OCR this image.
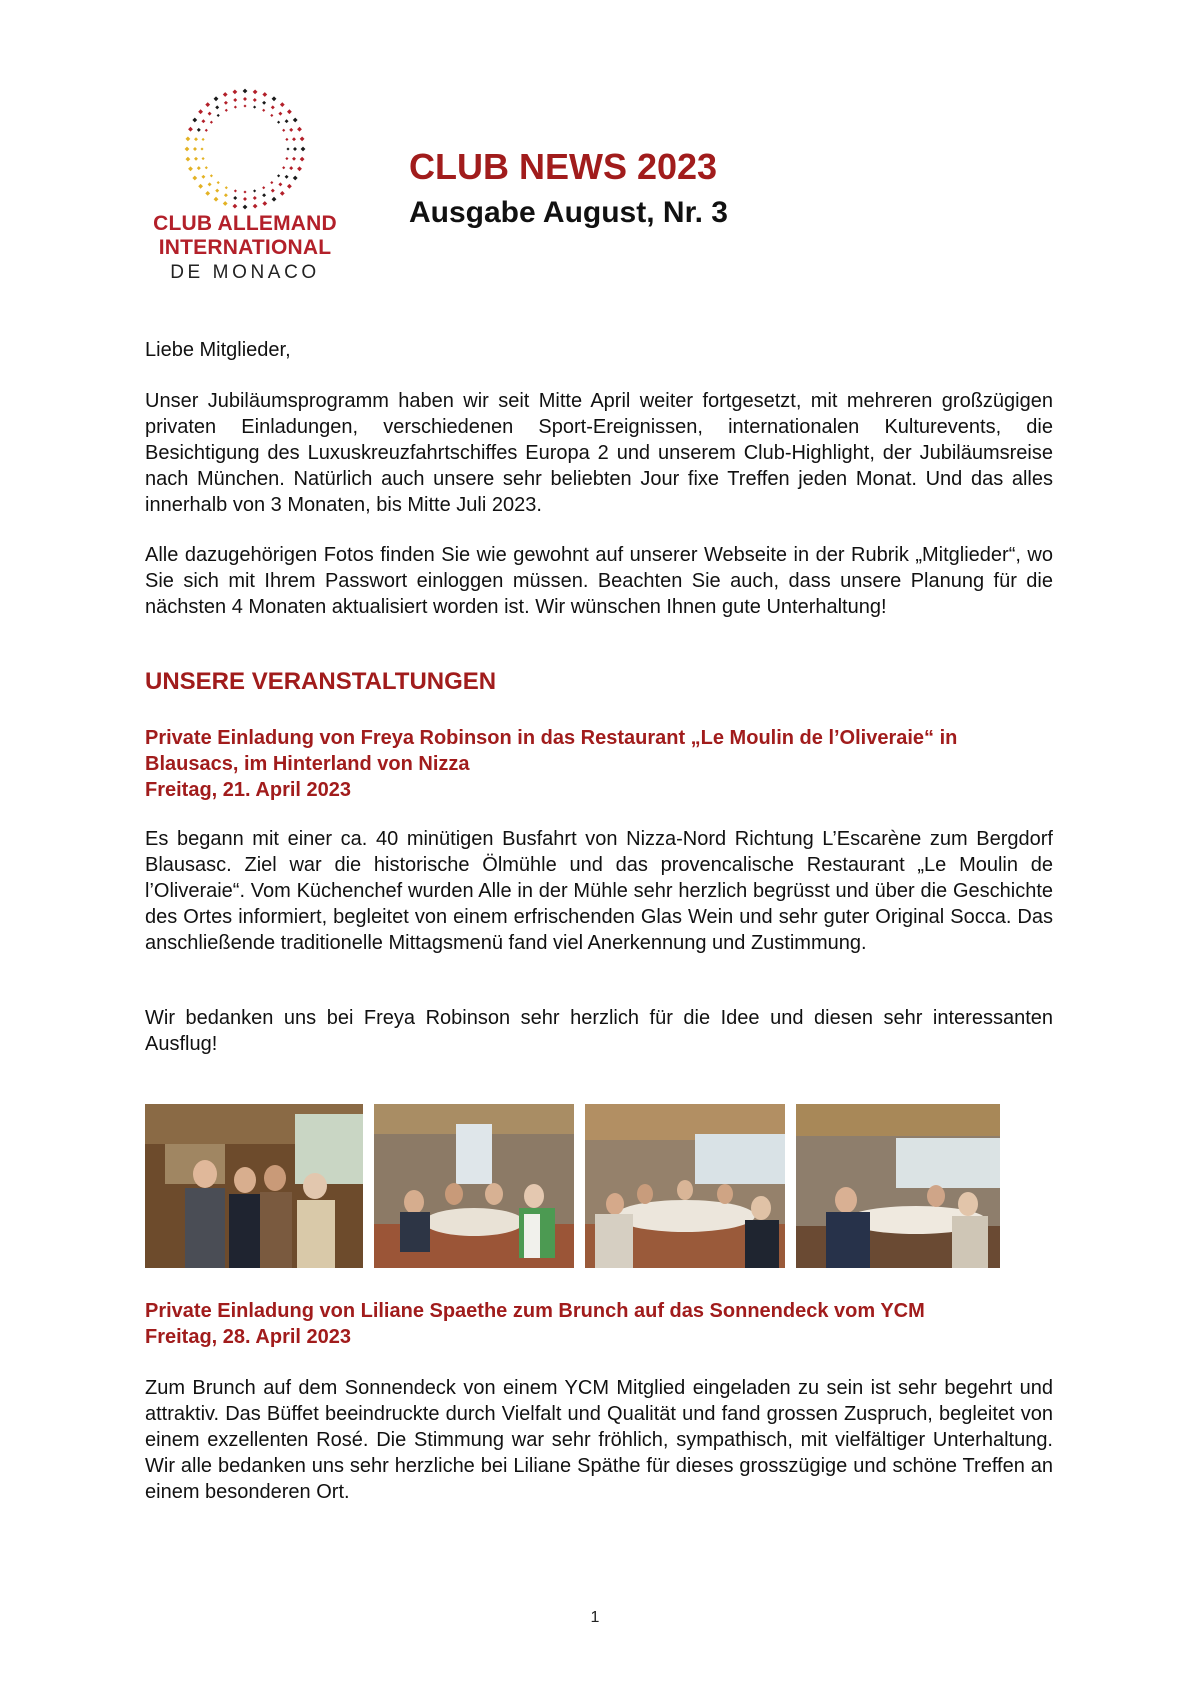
CLUB ALLEMAND
INTERNATIONAL
DE MONACO
CLUB NEWS 2023
Ausgabe August, Nr. 3

Liebe Mitglieder,

Unser Jubiläumsprogramm haben wir seit Mitte April weiter fortgesetzt, mit mehreren großzügigen privaten Einladungen, verschiedenen Sport-Ereignissen, internationalen Kulturevents, die Besichtigung des Luxuskreuzfahrtschiffes Europa 2 und unserem Club-Highlight, der Jubiläumsreise nach München. Natürlich auch unsere sehr beliebten Jour fixe Treffen jeden Monat. Und das alles innerhalb von 3 Monaten, bis Mitte Juli 2023.

Alle dazugehörigen Fotos finden Sie wie gewohnt auf unserer Webseite in der Rubrik „Mitglieder“, wo Sie sich mit Ihrem Passwort einloggen müssen. Beachten Sie auch, dass unsere Planung für die nächsten 4 Monaten aktualisiert worden ist. Wir wünschen Ihnen gute Unterhaltung!

UNSERE VERANSTALTUNGEN
Private Einladung von Freya Robinson in das Restaurant „Le Moulin de l’Oliveraie“ in
Blausacs, im Hinterland von Nizza
Freitag, 21. April 2023

Es begann mit einer ca. 40 minütigen Busfahrt von Nizza-Nord Richtung L’Escarène zum Bergdorf Blausasc. Ziel war die historische Ölmühle und das provencalische Restaurant „Le Moulin de l’Oliveraie“. Vom Küchenchef wurden Alle in der Mühle sehr herzlich begrüsst und über die Geschichte des Ortes informiert, begleitet von einem erfrischenden Glas Wein und sehr guter Original Socca. Das anschließende traditionelle Mittagsmenü fand viel Anerkennung und Zustimmung.

Wir bedanken uns bei Freya Robinson sehr herzlich für die Idee und diesen sehr interessanten Ausflug!

Private Einladung von Liliane Spaethe zum Brunch auf das Sonnendeck vom YCM
Freitag, 28. April 2023

Zum Brunch auf dem Sonnendeck von einem YCM Mitglied eingeladen zu sein ist sehr begehrt und attraktiv. Das Büffet beeindruckte durch Vielfalt und Qualität und fand grossen Zuspruch, begleitet von einem exzellenten Rosé. Die Stimmung war sehr fröhlich, sympathisch, mit vielfältiger Unterhaltung. Wir alle bedanken uns sehr herzliche bei Liliane Späthe für dieses grosszügige und schöne Treffen an einem besonderen Ort.

1
